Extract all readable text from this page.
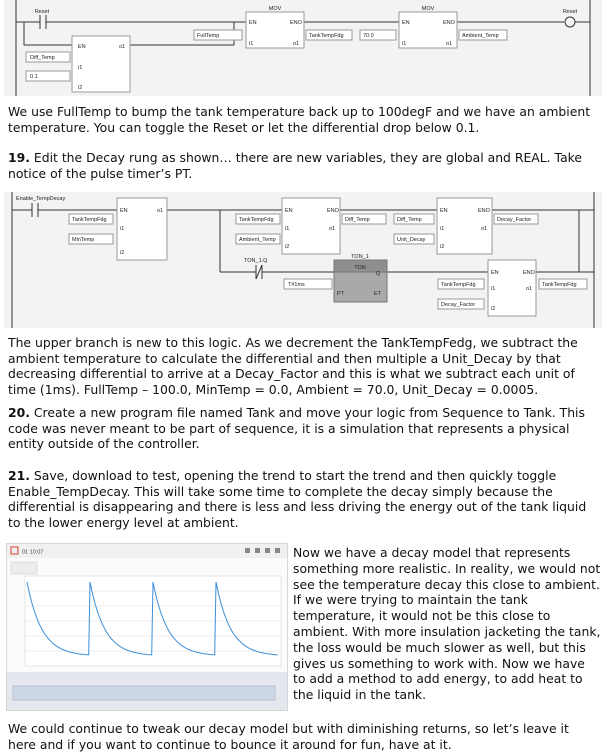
Reset	Reset
MOV	MOV
EN
i1
i2
o1
EN	ENO
i1	o1
EN	ENO
i1	o1
Diff_Temp
0.1
FullTemp	TankTempFdg	70.0	Ambient_Temp

We use FullTemp to bump the tank temperature back up to 100degF and we have an ambient temperature. You can toggle the Reset or let the differential drop below 0.1.

19. Edit the Decay rung as shown… there are new variables, they are global and REAL. Take notice of the pulse timer’s PT.

Enable_TempDecay
EN	o1
i1
i2
TankTempFdg
MinTemp
EN	ENO
i1	o1
i2
TankTempFdg
Ambient_Temp
Diff_Temp	Diff_Temp
Unit_Decay
EN	ENO
i1	o1
i2
Decay_Factor
TON_1.Q
TON_1
TON
Q
PT	ET
T#1ms
EN	ENO
i1	o1
i2
TankTempFdg
Decay_Factor
TankTempFdg

The upper branch is new to this logic. As we decrement the TankTempFedg, we subtract the ambient temperature to calculate the differential and then multiple a Unit_Decay by that decreasing differential to arrive at a Decay_Factor and this is what we subtract each unit of time (1ms). FullTemp – 100.0, MinTemp = 0.0, Ambient = 70.0, Unit_Decay = 0.0005.

20. Create a new program file named Tank and move your logic from Sequence to Tank. This code was never meant to be part of sequence, it is a simulation that represents a physical entity outside of the controller.

21. Save, download to test, opening the trend to start the trend and then quickly toggle Enable_TempDecay. This will take some time to complete the decay simply because the differential is disappearing and there is less and less driving the energy out of the tank liquid to the lower energy level at ambient.

01 10:07	Now we have a decay model that represents something more realistic. In reality, we would not see the temperature decay this close to ambient. If we were trying to maintain the tank temperature, it would not be this close to ambient. With more insulation jacketing the tank, the loss would be much slower as well, but this gives us something to work with. Now we have to add a method to add energy, to add heat to the liquid in the tank.

We could continue to tweak our decay model but with diminishing returns, so let’s leave it here and if you want to continue to bounce it around for fun, have at it.
